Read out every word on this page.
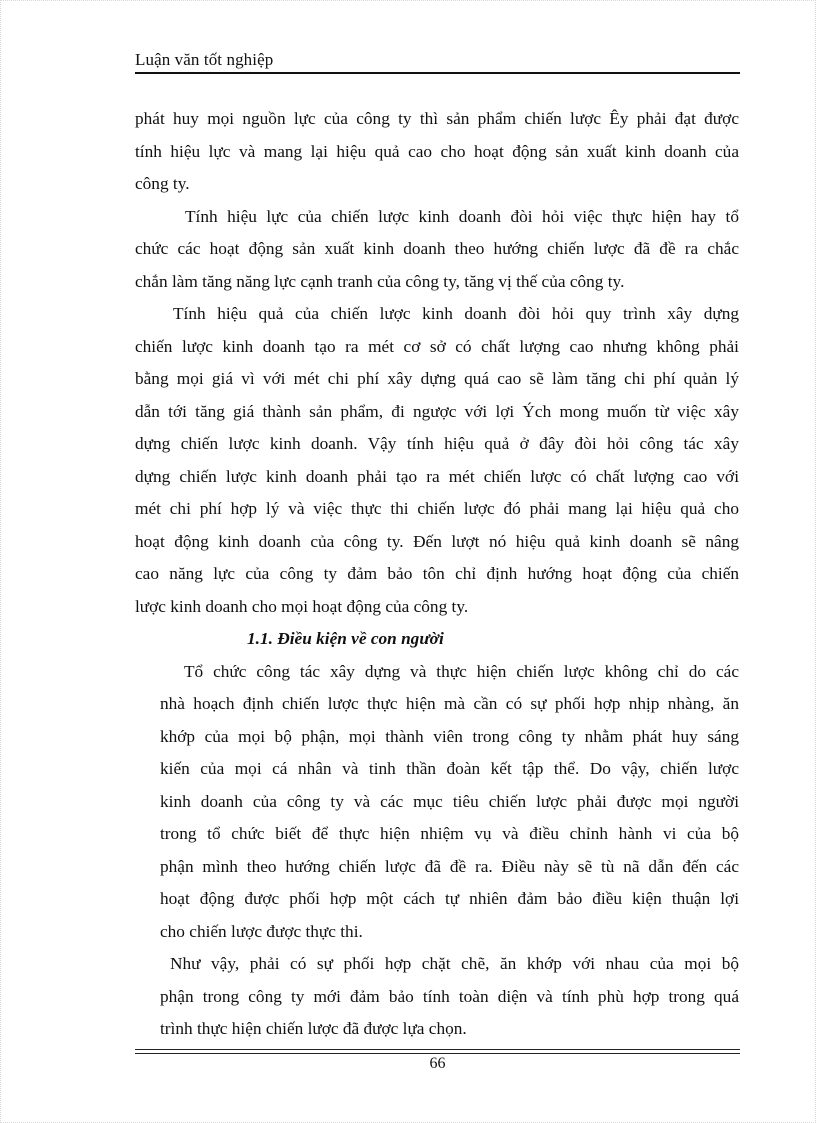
Luận văn tốt nghiệp
phát huy mọi nguồn lực của công ty thì sản phẩm chiến lược Êy phải đạt được
tính hiệu lực và mang lại hiệu quả cao cho hoạt động sản xuất kinh doanh của
công ty.
Tính hiệu lực của chiến lược kinh doanh đòi hỏi việc thực hiện hay tổ
chức các hoạt động sản xuất kinh doanh theo hướng chiến lược đã đề ra chắc
chắn làm tăng năng lực cạnh tranh của công ty, tăng vị thế của công ty.
Tính hiệu quả của chiến lược kinh doanh đòi hỏi quy trình xây dựng
chiến lược kinh doanh tạo ra mét cơ sở có chất lượng cao nhưng không phải
bằng mọi giá vì với mét chi phí xây dựng quá cao sẽ làm tăng chi phí quản lý
dẫn tới tăng giá thành sản phẩm, đi ngược với lợi Ých mong muốn từ việc xây
dựng chiến lược kinh doanh. Vậy tính hiệu quả ở đây đòi hỏi công tác xây
dựng chiến lược kinh doanh phải tạo ra mét chiến lược có chất lượng cao với
mét chi phí hợp lý và việc thực thi chiến lược đó phải mang lại hiệu quả cho
hoạt động kinh doanh của công ty. Đến lượt nó hiệu quả kinh doanh sẽ nâng
cao năng lực của công ty đảm bảo tôn chỉ định hướng hoạt động của chiến
lược kinh doanh cho mọi hoạt động của công ty.
1.1. Điều kiện về con người
Tổ chức công tác xây dựng và thực hiện chiến lược không chỉ do các
nhà hoạch định chiến lược thực hiện mà cần có sự phối hợp nhịp nhàng, ăn
khớp của mọi bộ phận, mọi thành viên trong công ty nhằm phát huy sáng
kiến của mọi cá nhân và tinh thần đoàn kết tập thể. Do vậy, chiến lược
kinh doanh của công ty và các mục tiêu chiến lược phải được mọi người
trong tổ chức biết để thực hiện nhiệm vụ và điều chỉnh hành vi của bộ
phận mình theo hướng chiến lược đã đề ra. Điều này sẽ tù nã dẫn đến các
hoạt động được phối hợp một cách tự nhiên đảm bảo điều kiện thuận lợi
cho chiến lược được thực thi.
Như vậy, phải có sự phối hợp chặt chẽ, ăn khớp với nhau của mọi bộ
phận trong công ty mới đảm bảo tính toàn diện và tính phù hợp trong quá
trình thực hiện chiến lược đã được lựa chọn.
66
